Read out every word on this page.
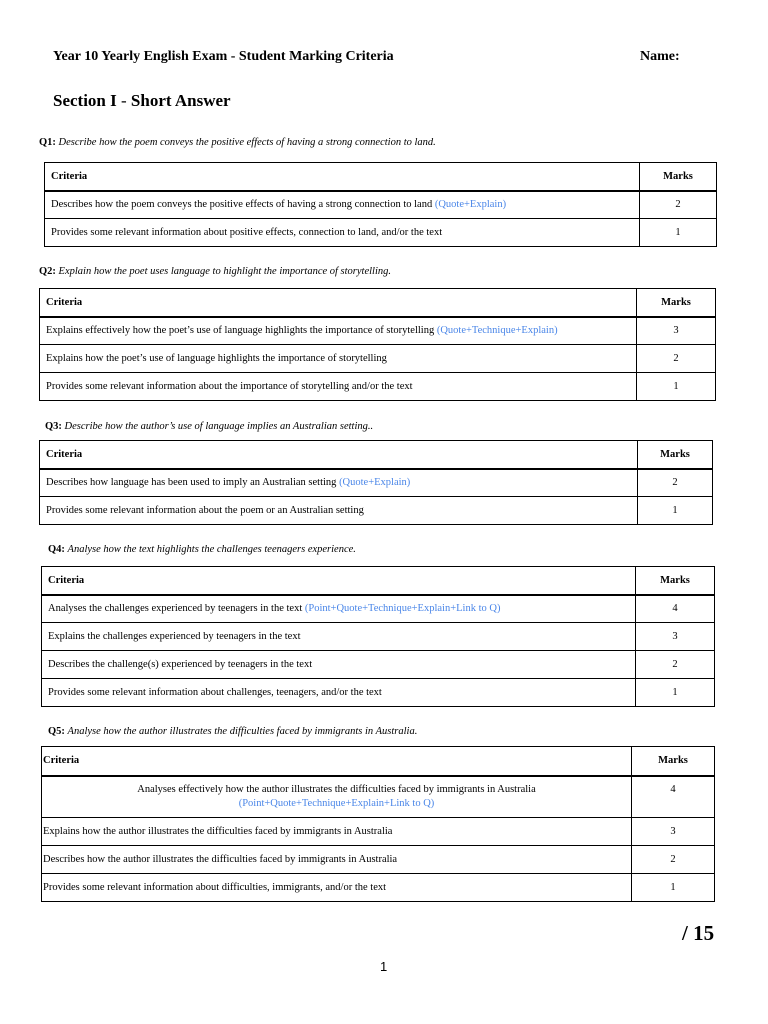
Year 10 Yearly English Exam - Student Marking Criteria	Name:
Section I - Short Answer
Q1: Describe how the poem conveys the positive effects of having a strong connection to land.
Criteria	Marks
Describes how the poem conveys the positive effects of having a strong connection to land (Quote+Explain)	2
Provides some relevant information about positive effects, connection to land, and/or the text	1
Q2: Explain how the poet uses language to highlight the importance of storytelling.
Criteria	Marks
Explains effectively how the poet’s use of language highlights the importance of storytelling (Quote+Technique+Explain)	3
Explains how the poet’s use of language highlights the importance of storytelling	2
Provides some relevant information about the importance of storytelling and/or the text	1
Q3: Describe how the author’s use of language implies an Australian setting..
Criteria	Marks
Describes how language has been used to imply an Australian setting (Quote+Explain)	2
Provides some relevant information about the poem or an Australian setting	1
Q4: Analyse how the text highlights the challenges teenagers experience.
Criteria	Marks
Analyses the challenges experienced by teenagers in the text (Point+Quote+Technique+Explain+Link to Q)	4
Explains the challenges experienced by teenagers in the text	3
Describes the challenge(s) experienced by teenagers in the text	2
Provides some relevant information about challenges, teenagers, and/or the text	1
Q5: Analyse how the author illustrates the difficulties faced by immigrants in Australia.
Criteria	Marks

Analyses effectively how the author illustrates the difficulties faced by immigrants in Australia
(Point+Quote+Technique+Explain+Link to Q)	4
Explains how the author illustrates the difficulties faced by immigrants in Australia	3
Describes how the author illustrates the difficulties faced by immigrants in Australia	2
Provides some relevant information about difficulties, immigrants, and/or the text	1
/ 15
1
